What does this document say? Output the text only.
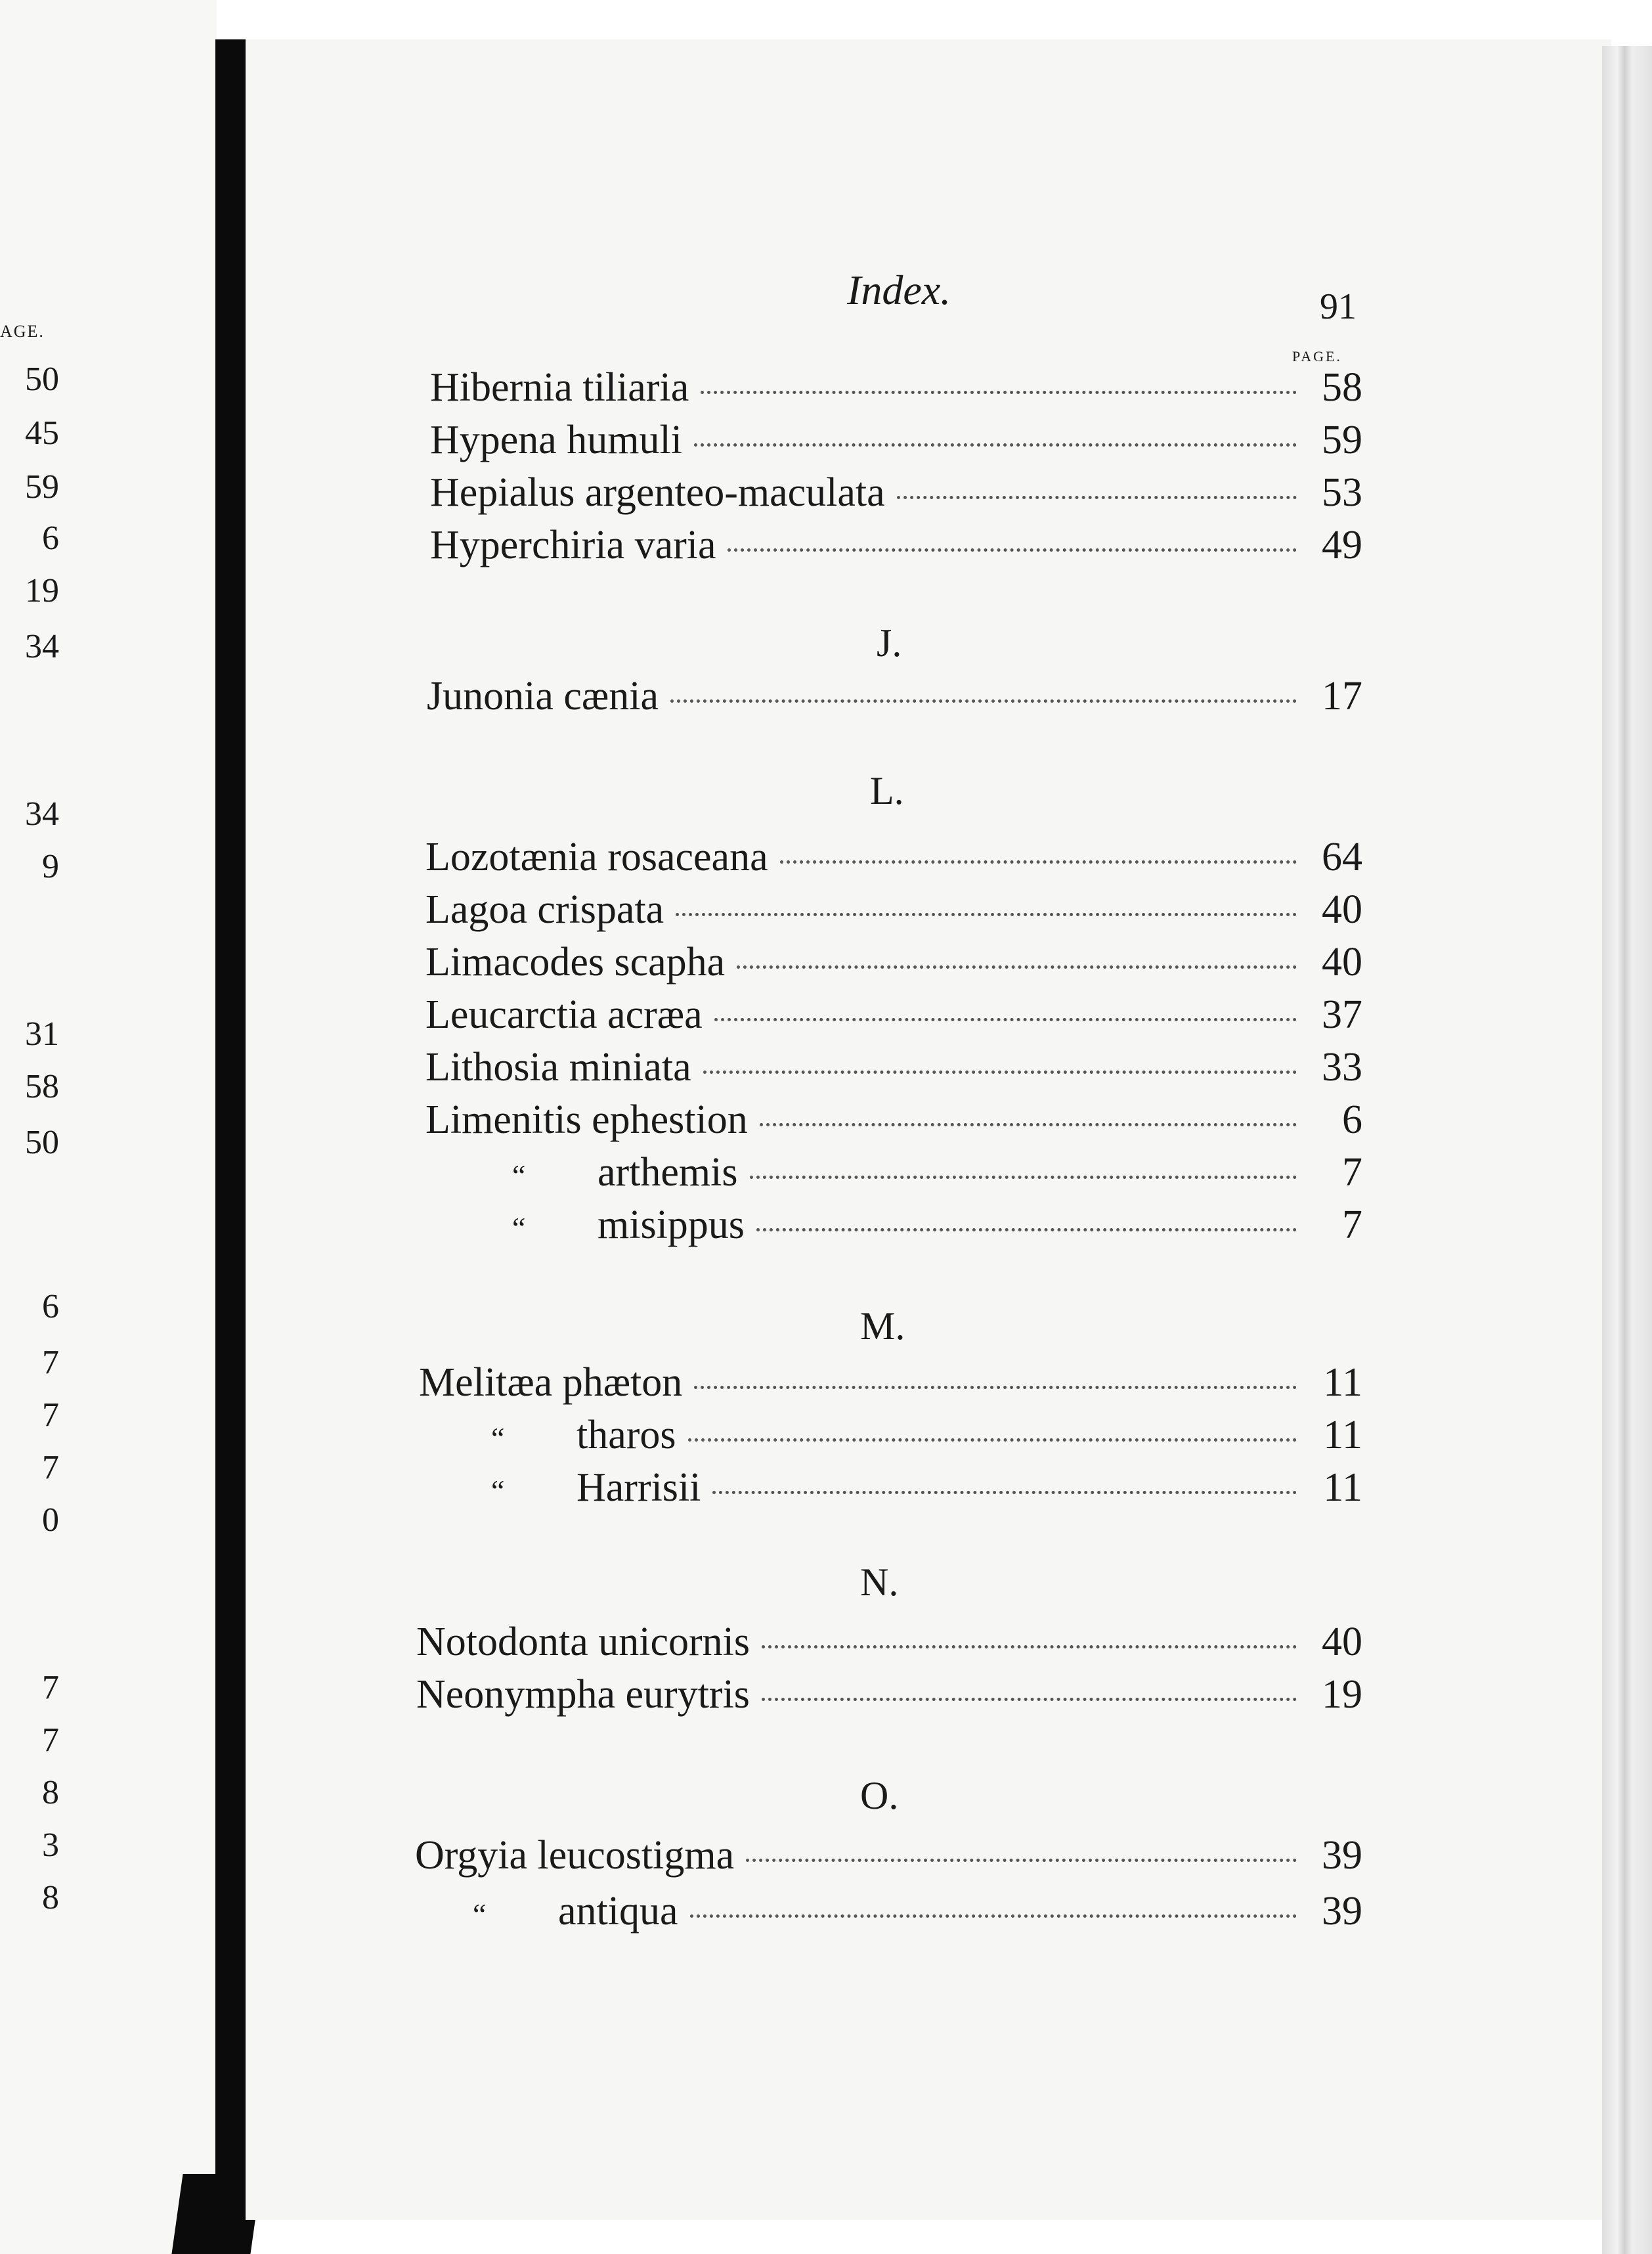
AGE.
50
45
59
6
19
34
34
9
31
58
50
6
7
7
7
0
7
7
8
3
8
Index.	91
PAGE.
Hibernia tiliaria	58
Hypena humuli	59
Hepialus argenteo-maculata	53
Hyperchiria varia	49
J.
Junonia cænia	17
L.
Lozotænia rosaceana	64
Lagoa crispata	40
Limacodes scapha	40
Leucarctia acræa	37
Lithosia miniata	33
Limenitis ephestion	6
“	arthemis	7
“	misippus	7
M.
Melitæa phæton	11
“	tharos	11
“	Harrisii	11
N.
Notodonta unicornis	40
Neonympha eurytris	19
O.
Orgyia leucostigma	39
“	antiqua	39
